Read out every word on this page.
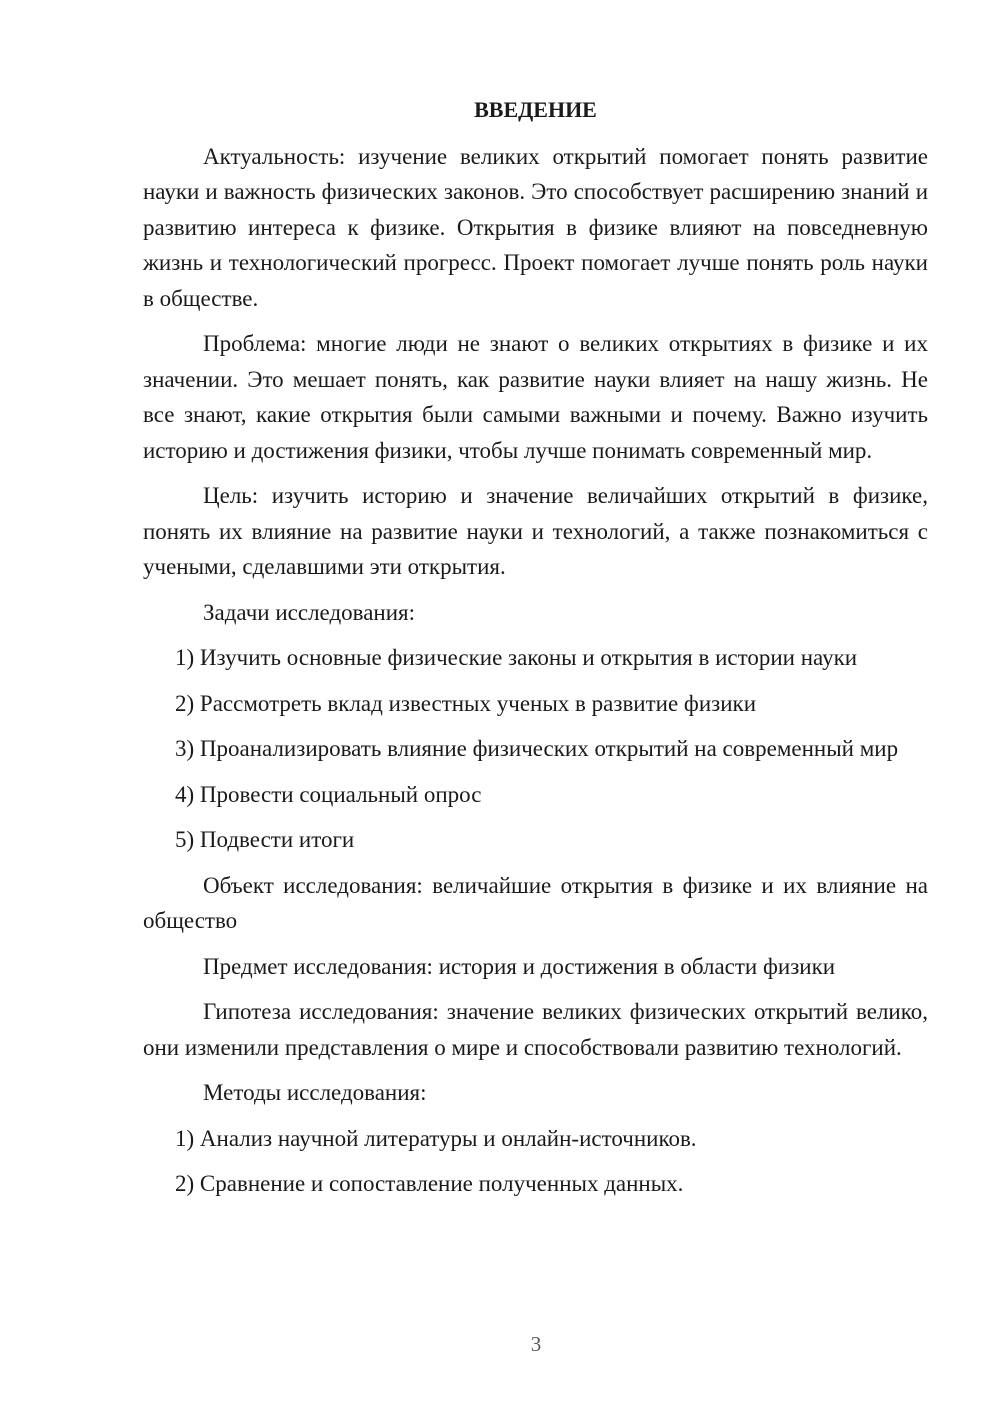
ВВЕДЕНИЕ

Актуальность: изучение великих открытий помогает понять развитие науки и важность физических законов. Это способствует расширению знаний и развитию интереса к физике. Открытия в физике влияют на повседневную жизнь и технологический прогресс. Проект помогает лучше понять роль науки в обществе.

Проблема: многие люди не знают о великих открытиях в физике и их значении. Это мешает понять, как развитие науки влияет на нашу жизнь. Не все знают, какие открытия были самыми важными и почему. Важно изучить историю и достижения физики, чтобы лучше понимать современный мир.

Цель: изучить историю и значение величайших открытий в физике, понять их влияние на развитие науки и технологий, а также познакомиться с учеными, сделавшими эти открытия.

Задачи исследования:

1) Изучить основные физические законы и открытия в истории науки

2) Рассмотреть вклад известных ученых в развитие физики

3) Проанализировать влияние физических открытий на современный мир

4) Провести социальный опрос

5) Подвести итоги

Объект исследования: величайшие открытия в физике и их влияние на общество

Предмет исследования: история и достижения в области физики

Гипотеза исследования: значение великих физических открытий велико, они изменили представления о мире и способствовали развитию технологий.

Методы исследования:

1) Анализ научной литературы и онлайн-источников.

2) Сравнение и сопоставление полученных данных.

3
